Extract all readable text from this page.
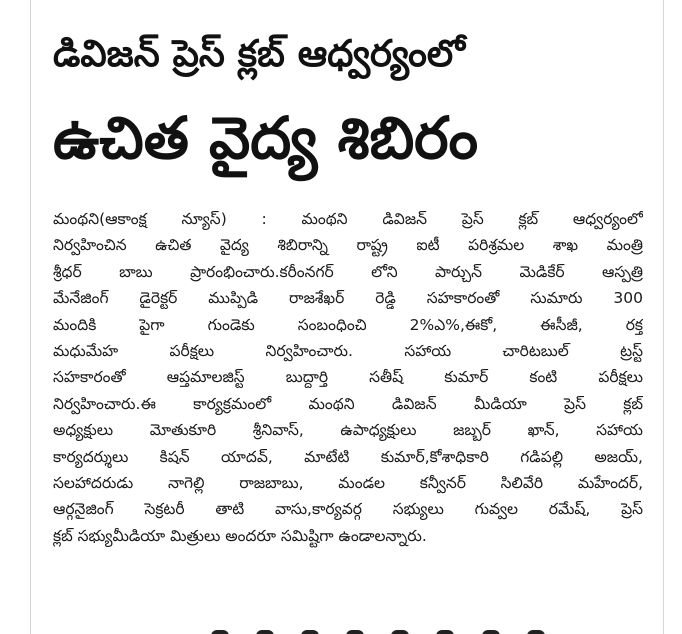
డివిజన్ ప్రెస్ క్లబ్ ఆధ్వర్యంలో
ఉచిత వైద్య శిబిరం
మంథని(ఆకాంక్ష న్యూస్) : మంథని డివిజన్ ప్రెస్ క్లబ్ ఆధ్వర్యంలో
నిర్వహించిన ఉచిత వైద్య శిబిరాన్ని రాష్ట్ర ఐటీ పరిశ్రమల శాఖ మంత్రి
శ్రీధర్ బాబు ప్రారంభించారు.కరీంనగర్ లోని పార్చున్ మెడికేర్ ఆస్పత్రి
మేనేజింగ్ డైరెక్టర్ ముప్పిడి రాజశేఖర్ రెడ్డి సహకారంతో సుమారు 300
మందికి పైగా గుండెకు సంబంధించి 2%ఎ%,ఈకో, ఈసీజీ, రక్త
మధుమేహ పరీక్షలు నిర్వహించారు. సహాయ చారిటబుల్ ట్రస్ట్
సహకారంతో ఆప్తమాలజిస్ట్ బుద్దార్తి సతీష్ కుమార్ కంటి పరీక్షలు
నిర్వహించారు.ఈ కార్యక్రమంలో మంథని డివిజన్ మీడియా ప్రెస్ క్లబ్
అధ్యక్షులు మోతుకూరి శ్రీనివాస్, ఉపాధ్యక్షులు జబ్బర్ ఖాన్, సహాయ
కార్యదర్శులు కిషన్ యాదవ్, మాటేటి కుమార్,కోశాధికారి గడిపల్లి అజయ్,
సలహాదరుడు నాగెల్లి రాజబాబు, మండల కన్వీనర్ సిలివేరి మహేందర్,
ఆర్గనైజింగ్ సెక్రటరీ తాటి వాసు,కార్యవర్గ సభ్యులు గువ్వల రమేష్, ప్రెస్
క్లబ్ సభ్యుమీడియా మిత్రులు అందరూ సమిష్టిగా ఉండాలన్నారు.
